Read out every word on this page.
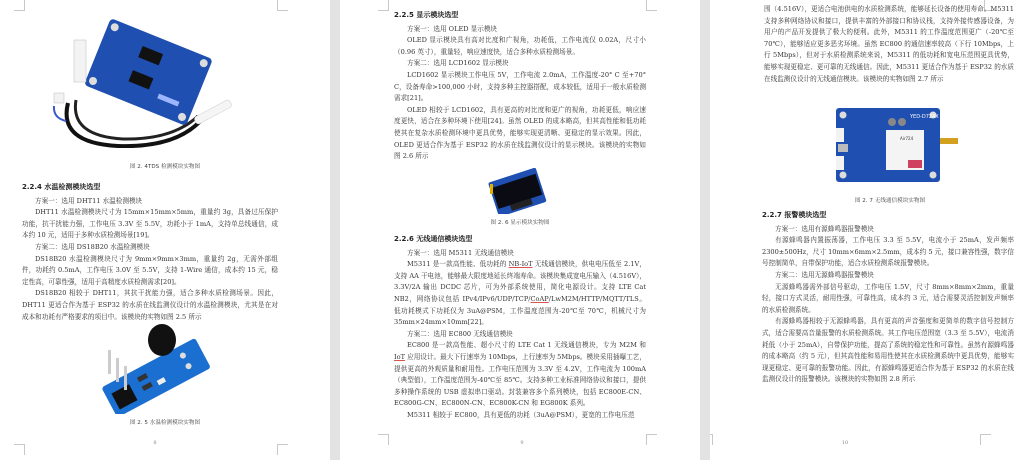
图 2. 4TDS 检测模块实物图
2.2.4 水温检测模块选型

方案一：选用 DHT11 水温检测模块

DHT11 水温检测模块尺寸为 15mm×15mm×5mm，重量约 3g，具备过压保护功能，抗干扰能力强，工作电压 3.3V 至 5.5V，功耗小于 1mA，支持单总线通信，成本约 10 元，适用于多种水质检测场景[19]。

方案二：选用 DS18B20 水温检测模块

DS18B20 水温检测模块尺寸为 9mm×9mm×3mm，重量约 2g，无需外部组件，功耗约 0.5mA，工作电压 3.0V 至 5.5V，支持 1-Wire 通信，成本约 15 元，稳定性高，可靠性强，适用于高精度水质检测需求[20]。

DS18B20 相较于 DHT11，其抗干扰能力强，适合多种水质检测场景。因此，DHT11 更适合作为基于 ESP32 的水质在线监测仪设计的水温检测模块，尤其是在对成本和功耗有严格要求的项目中。该模块的实物如图 2.5 所示

图 2. 5 水温检测模块实物图
8
2.2.5 显示模块选型

方案一：选用 OLED 显示模块

OLED 显示模块具有高对比度和广视角，功耗低，工作电流仅 0.02A，尺寸小（0.96 英寸），重量轻，响应速度快，适合多种水质检测场景。

方案二：选用 LCD1602 显示模块

LCD1602 显示模块工作电压 5V，工作电流 2.0mA，工作温度-20° C 至+70° C，设备寿命>100,000 小时，支持多种主控器搭配，成本较低，适用于一般水质检测需求[21]。

OLED 相较于 LCD1602，具有更高的对比度和更广的视角，功耗更低，响应速度更快，适合在多种环境下使用[24]。虽然 OLED 的成本略高，但其高性能和低功耗使其在复杂水质检测环境中更具优势，能够实现更清晰、更稳定的显示效果。因此，OLED 更适合作为基于 ESP32 的水质在线监测仪设计的显示模块。该模块的实物如图 2.6 所示

图 2. 6 显示模块实物图
2.2.6 无线通信模块选型

方案一：选用 M5311 无线通信模块

M5311 是一款高性能、低功耗的 NB-IoT 无线通信模块，供电电压低至 2.1V，支持 AA 干电池，能够最大限度地延长终端寿命。该模块集成宽电压输入（4.516V），3.3V/2A 输出 DCDC 芯片，可为外部系统使用，简化电源设计。支持 LTE Cat NB2，网络协议包括 IPv4/IPv6/UDP/TCP/CoAP/LwM2M/HTTP/MQTT/TLS。低功耗模式下功耗仅为 3uA@PSM，工作温度范围为-20℃至 70℃，机械尺寸为 35mm×24mm×10mm[22]。

方案二：选用 EC800 无线通信模块

EC800 是一款高性能、超小尺寸的 LTE Cat 1 无线通信模块，专为 M2M 和 IoT 应用设计。最大下行速率为 10Mbps，上行速率为 5Mbps。模块采用插曝工艺，提供更高的外观质量和耐用性。工作电压范围为 3.3V 至 4.2V，工作电流为 100mA（典型值），工作温度范围为-40℃至 85℃。支持多种工业标准网络协议和接口，提供多种操作系统的 USB 虚拟串口驱动。封装兼容多个系列模块，包括 EC800E-CN、EC800G-CN、EC800N-CN、EC800K-CN 和 EG800K 系列。

M5311 相较于 EC800，具有更低的功耗（3uA@PSM），更宽的工作电压范

9

围（4.516V），更适合电池供电的水质检测系统，能够延长设备的使用寿命。M5311 支持多种网络协议和接口，提供丰富的外部接口和协议栈，支持外接传感器设备，为用户的产品开发提供了极大的便利。此外，M5311 的工作温度范围更广（-20℃至 70℃），能够适应更多恶劣环境。虽然 EC800 的通信速率较高（下行 10Mbps，上行 5Mbps），但对于水质检测系统来说，M5311 的低功耗和宽电压范围更具优势，能够实现更稳定、更可靠的无线通信。因此，M5311 更适合作为基于 ESP32 的水质在线监测仪设计的无线通信模块。该模块的实物如图 2.7 所示

YED-D724X
Air724
图 2. 7 无线通信模块实物图
2.2.7 报警模块选型

方案一：选用有源蜂鸣器报警模块

有源蜂鸣器内置振荡器，工作电压 3.3 至 5.5V，电流小于 25mA，发声频率 2300±500Hz，尺寸 10mm×6mm×2.5mm，成本约 5 元，接口兼容性强，数字信号控制简单，自带保护功能，适合水质检测系统报警模块。

方案二：选用无源蜂鸣器报警模块

无源蜂鸣器需外部信号驱动，工作电压 1.5V，尺寸 8mm×8mm×2mm，重量轻，接口方式灵活，耐用性强，可靠性高，成本约 3 元，适合需要灵活控制发声频率的水质检测系统。

有源蜂鸣器相较于无源蜂鸣器，具有更高的声音强度和更简单的数字信号控制方式，适合需要高音量报警的水质检测系统。其工作电压范围宽（3.3 至 5.5V），电流消耗低（小于 25mA），自带保护功能，提高了系统的稳定性和可靠性。虽然有源蜂鸣器的成本略高（约 5 元），但其高性能和易用性使其在水质检测系统中更具优势，能够实现更稳定、更可靠的报警功能。因此，有源蜂鸣器更适合作为基于 ESP32 的水质在线监测仪设计的报警模块。该模块的实物如图 2.8 所示

10
